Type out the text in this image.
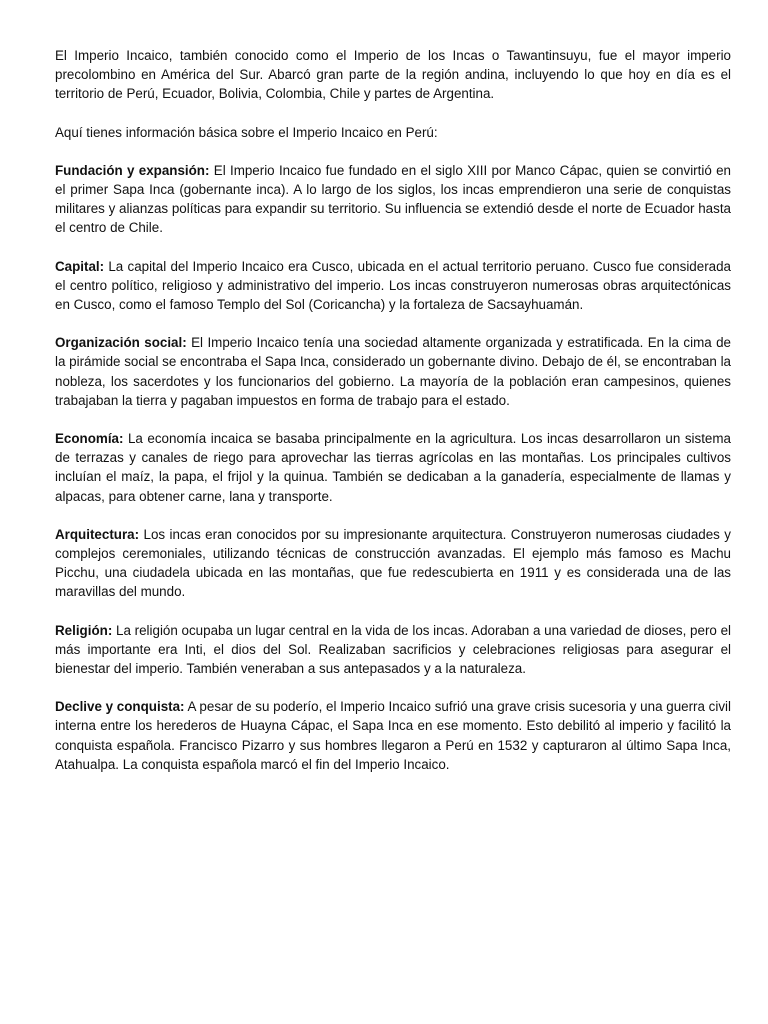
El Imperio Incaico, también conocido como el Imperio de los Incas o Tawantinsuyu, fue el mayor imperio precolombino en América del Sur. Abarcó gran parte de la región andina, incluyendo lo que hoy en día es el territorio de Perú, Ecuador, Bolivia, Colombia, Chile y partes de Argentina.

Aquí tienes información básica sobre el Imperio Incaico en Perú:

Fundación y expansión: El Imperio Incaico fue fundado en el siglo XIII por Manco Cápac, quien se convirtió en el primer Sapa Inca (gobernante inca). A lo largo de los siglos, los incas emprendieron una serie de conquistas militares y alianzas políticas para expandir su territorio. Su influencia se extendió desde el norte de Ecuador hasta el centro de Chile.

Capital: La capital del Imperio Incaico era Cusco, ubicada en el actual territorio peruano. Cusco fue considerada el centro político, religioso y administrativo del imperio. Los incas construyeron numerosas obras arquitectónicas en Cusco, como el famoso Templo del Sol (Coricancha) y la fortaleza de Sacsayhuamán.

Organización social: El Imperio Incaico tenía una sociedad altamente organizada y estratificada. En la cima de la pirámide social se encontraba el Sapa Inca, considerado un gobernante divino. Debajo de él, se encontraban la nobleza, los sacerdotes y los funcionarios del gobierno. La mayoría de la población eran campesinos, quienes trabajaban la tierra y pagaban impuestos en forma de trabajo para el estado.

Economía: La economía incaica se basaba principalmente en la agricultura. Los incas desarrollaron un sistema de terrazas y canales de riego para aprovechar las tierras agrícolas en las montañas. Los principales cultivos incluían el maíz, la papa, el frijol y la quinua. También se dedicaban a la ganadería, especialmente de llamas y alpacas, para obtener carne, lana y transporte.

Arquitectura: Los incas eran conocidos por su impresionante arquitectura. Construyeron numerosas ciudades y complejos ceremoniales, utilizando técnicas de construcción avanzadas. El ejemplo más famoso es Machu Picchu, una ciudadela ubicada en las montañas, que fue redescubierta en 1911 y es considerada una de las maravillas del mundo.

Religión: La religión ocupaba un lugar central en la vida de los incas. Adoraban a una variedad de dioses, pero el más importante era Inti, el dios del Sol. Realizaban sacrificios y celebraciones religiosas para asegurar el bienestar del imperio. También veneraban a sus antepasados y a la naturaleza.

Declive y conquista: A pesar de su poderío, el Imperio Incaico sufrió una grave crisis sucesoria y una guerra civil interna entre los herederos de Huayna Cápac, el Sapa Inca en ese momento. Esto debilitó al imperio y facilitó la conquista española. Francisco Pizarro y sus hombres llegaron a Perú en 1532 y capturaron al último Sapa Inca, Atahualpa. La conquista española marcó el fin del Imperio Incaico.
